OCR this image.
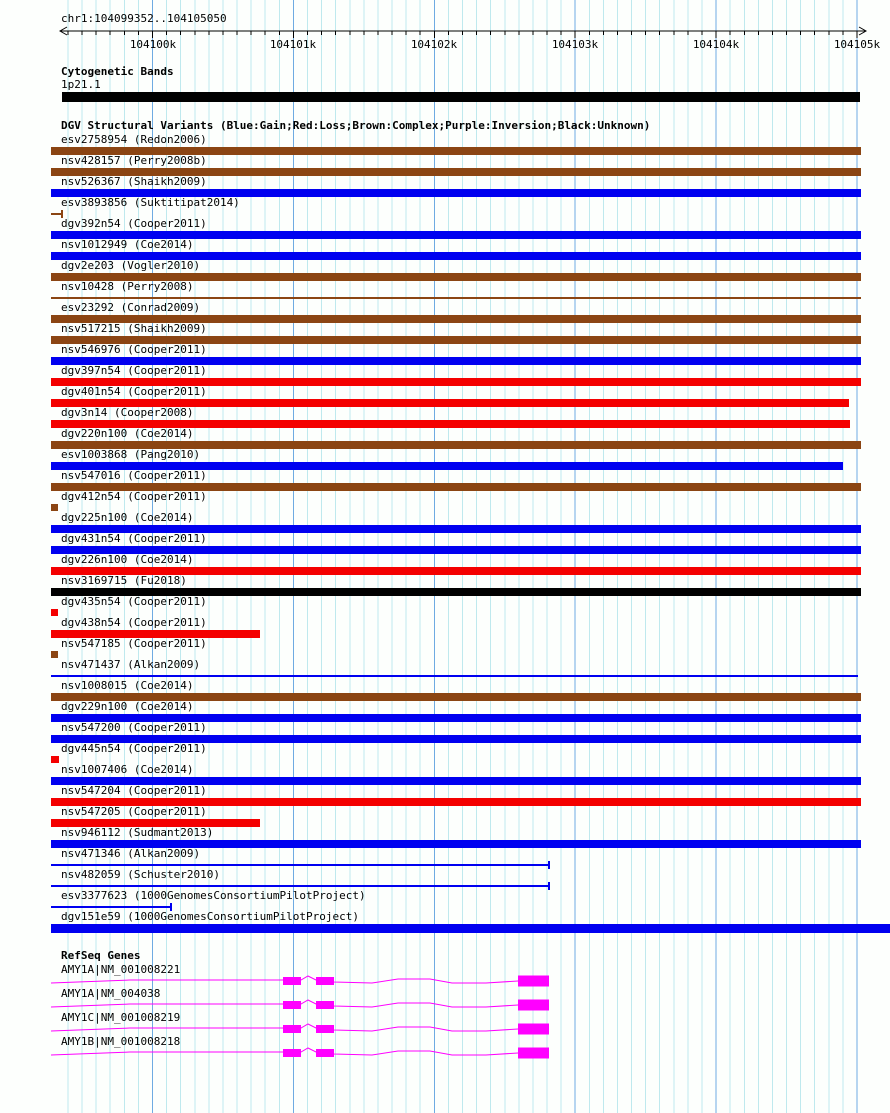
chr1:104099352..104105050
104100k	104101k	104102k	104103k	104104k	104105k
Cytogenetic Bands
1p21.1
DGV Structural Variants (Blue:Gain;Red:Loss;Brown:Complex;Purple:Inversion;Black:Unknown)
esv2758954 (Redon2006)
nsv428157 (Perry2008b)
nsv526367 (Shaikh2009)
esv3893856 (Suktitipat2014)
dgv392n54 (Cooper2011)
nsv1012949 (Coe2014)
dgv2e203 (Vogler2010)
nsv10428 (Perry2008)
esv23292 (Conrad2009)
nsv517215 (Shaikh2009)
nsv546976 (Cooper2011)
dgv397n54 (Cooper2011)
dgv401n54 (Cooper2011)
dgv3n14 (Cooper2008)
dgv220n100 (Coe2014)
esv1003868 (Pang2010)
nsv547016 (Cooper2011)
dgv412n54 (Cooper2011)
dgv225n100 (Coe2014)
dgv431n54 (Cooper2011)
dgv226n100 (Coe2014)
nsv3169715 (Fu2018)
dgv435n54 (Cooper2011)
dgv438n54 (Cooper2011)
nsv547185 (Cooper2011)
nsv471437 (Alkan2009)
nsv1008015 (Coe2014)
dgv229n100 (Coe2014)
nsv547200 (Cooper2011)
dgv445n54 (Cooper2011)
nsv1007406 (Coe2014)
nsv547204 (Cooper2011)
nsv547205 (Cooper2011)
nsv946112 (Sudmant2013)
nsv471346 (Alkan2009)
nsv482059 (Schuster2010)
esv3377623 (1000GenomesConsortiumPilotProject)
dgv151e59 (1000GenomesConsortiumPilotProject)
RefSeq Genes
AMY1A|NM_001008221
AMY1A|NM_004038
AMY1C|NM_001008219
AMY1B|NM_001008218
